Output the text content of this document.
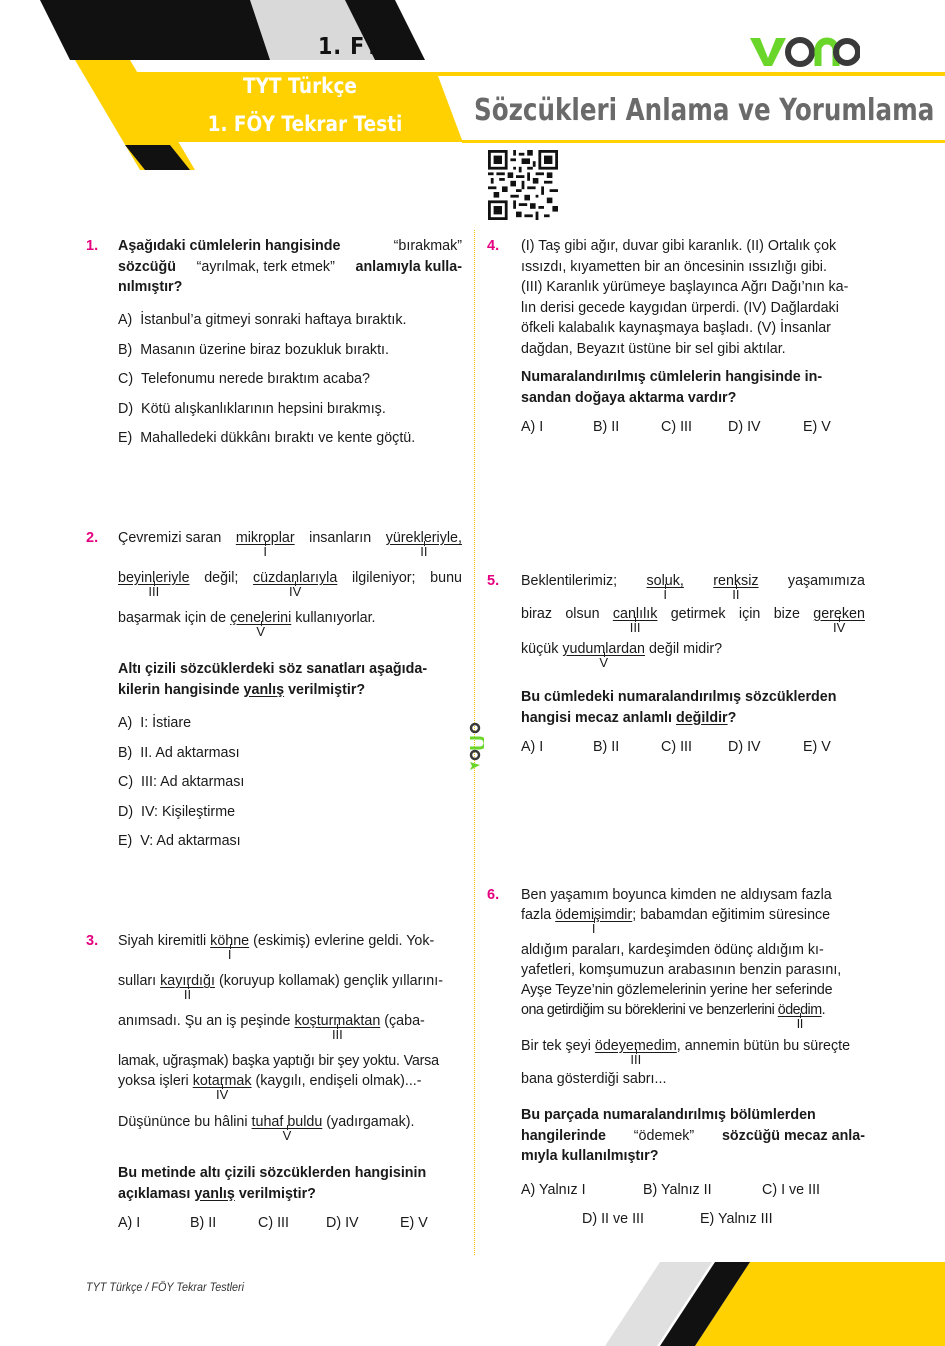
1. FTT
TYT Türkçe
1. FÖY Tekrar Testi	Sözcükleri Anlama ve Yorumlama
1. Aşağıdaki cümlelerin hangisinde	“bırakmak”
sözcüğü “ayrılmak, terk etmek” anlamıyla kulla-
nılmıştır?
A) İstanbul’a gitmeyi sonraki haftaya bıraktık.
B) Masanın üzerine biraz bozukluk bıraktı.
C) Telefonumu nerede bıraktım acaba?
D) Kötü alışkanlıklarının hepsini bırakmış.
E) Mahalledeki dükkânı bıraktı ve kente göçtü.
2. Çevremizi saran mikroplar
I
insanların yürekleriyle,
II
beyinleriyle
III
değil; cüzdanlarıyla
IV
ilgileniyor; bunu
başarmak için de çenelerini
V
kullanıyorlar.
Altı çizili sözcüklerdeki söz sanatları aşağıda-
kilerin hangisinde yanlış verilmiştir?
A) I: İstiare
B) II. Ad aktarması
C) III: Ad aktarması
D) IV: Kişileştirme
E) V: Ad aktarması
3. Siyah kiremitli köhne
I
(eskimiş) evlerine geldi. Yok-
sulları kayırdığı
II
(koruyup kollamak) gençlik yıllarını-
anımsadı. Şu an iş peşinde koşturmaktan
III
(çaba-
lamak, uğraşmak) başka yaptığı bir şey yoktu. Varsa
yoksa işleri kotarmak
IV
(kaygılı, endişeli olmak)...-
Düşününce bu hâlini tuhaf buldu
V
(yadırgamak).
Bu metinde altı çizili sözcüklerden hangisinin
açıklaması yanlış verilmiştir?
A) I	B) II	C) III	D) IV	E) V
4. (I) Taş gibi ağır, duvar gibi karanlık. (II) Ortalık çok
ıssızdı, kıyametten bir an öncesinin ıssızlığı gibi.
(III) Karanlık yürümeye başlayınca Ağrı Dağı’nın ka-
lın derisi gecede kaygıdan ürperdi. (IV) Dağlardaki
öfkeli kalabalık kaynaşmaya başladı. (V) İnsanlar
dağdan, Beyazıt üstüne bir sel gibi aktılar.
Numaralandırılmış cümlelerin hangisinde in-
sandan doğaya aktarma vardır?
A) I	B) II	C) III	D) IV	E) V
5. Beklentilerimiz; soluk,
I
renksiz
II
yaşamımıza
biraz olsun canlılık
III
getirmek için bize gereken
IV
küçük yudumlardan
V
değil midir?
Bu cümledeki numaralandırılmış sözcüklerden
hangisi mecaz anlamlı değildir?
A) I	B) II	C) III	D) IV	E) V
6. Ben yaşamım boyunca kimden ne aldıysam fazla
fazla ödemişimdir
I
; babamdan eğitimim süresince
aldığım paraları, kardeşimden ödünç aldığım kı-
yafetleri, komşumuzun arabasının benzin parasını,
Ayşe Teyze’nin gözlemelerinin yerine her seferinde
ona getirdiğim su böreklerini ve benzerlerini ödedim
II
.
Bir tek şeyi ödeyemedim
III
, annemin bütün bu süreçte
bana gösterdiği sabrı...
Bu parçada numaralandırılmış bölümlerden
hangilerinde “ödemek” sözcüğü mecaz anla-
mıyla kullanılmıştır?
A) Yalnız I	B) Yalnız II	C) I ve III
D) II ve III	E) Yalnız III
TYT Türkçe / FÖY Tekrar Testleri
